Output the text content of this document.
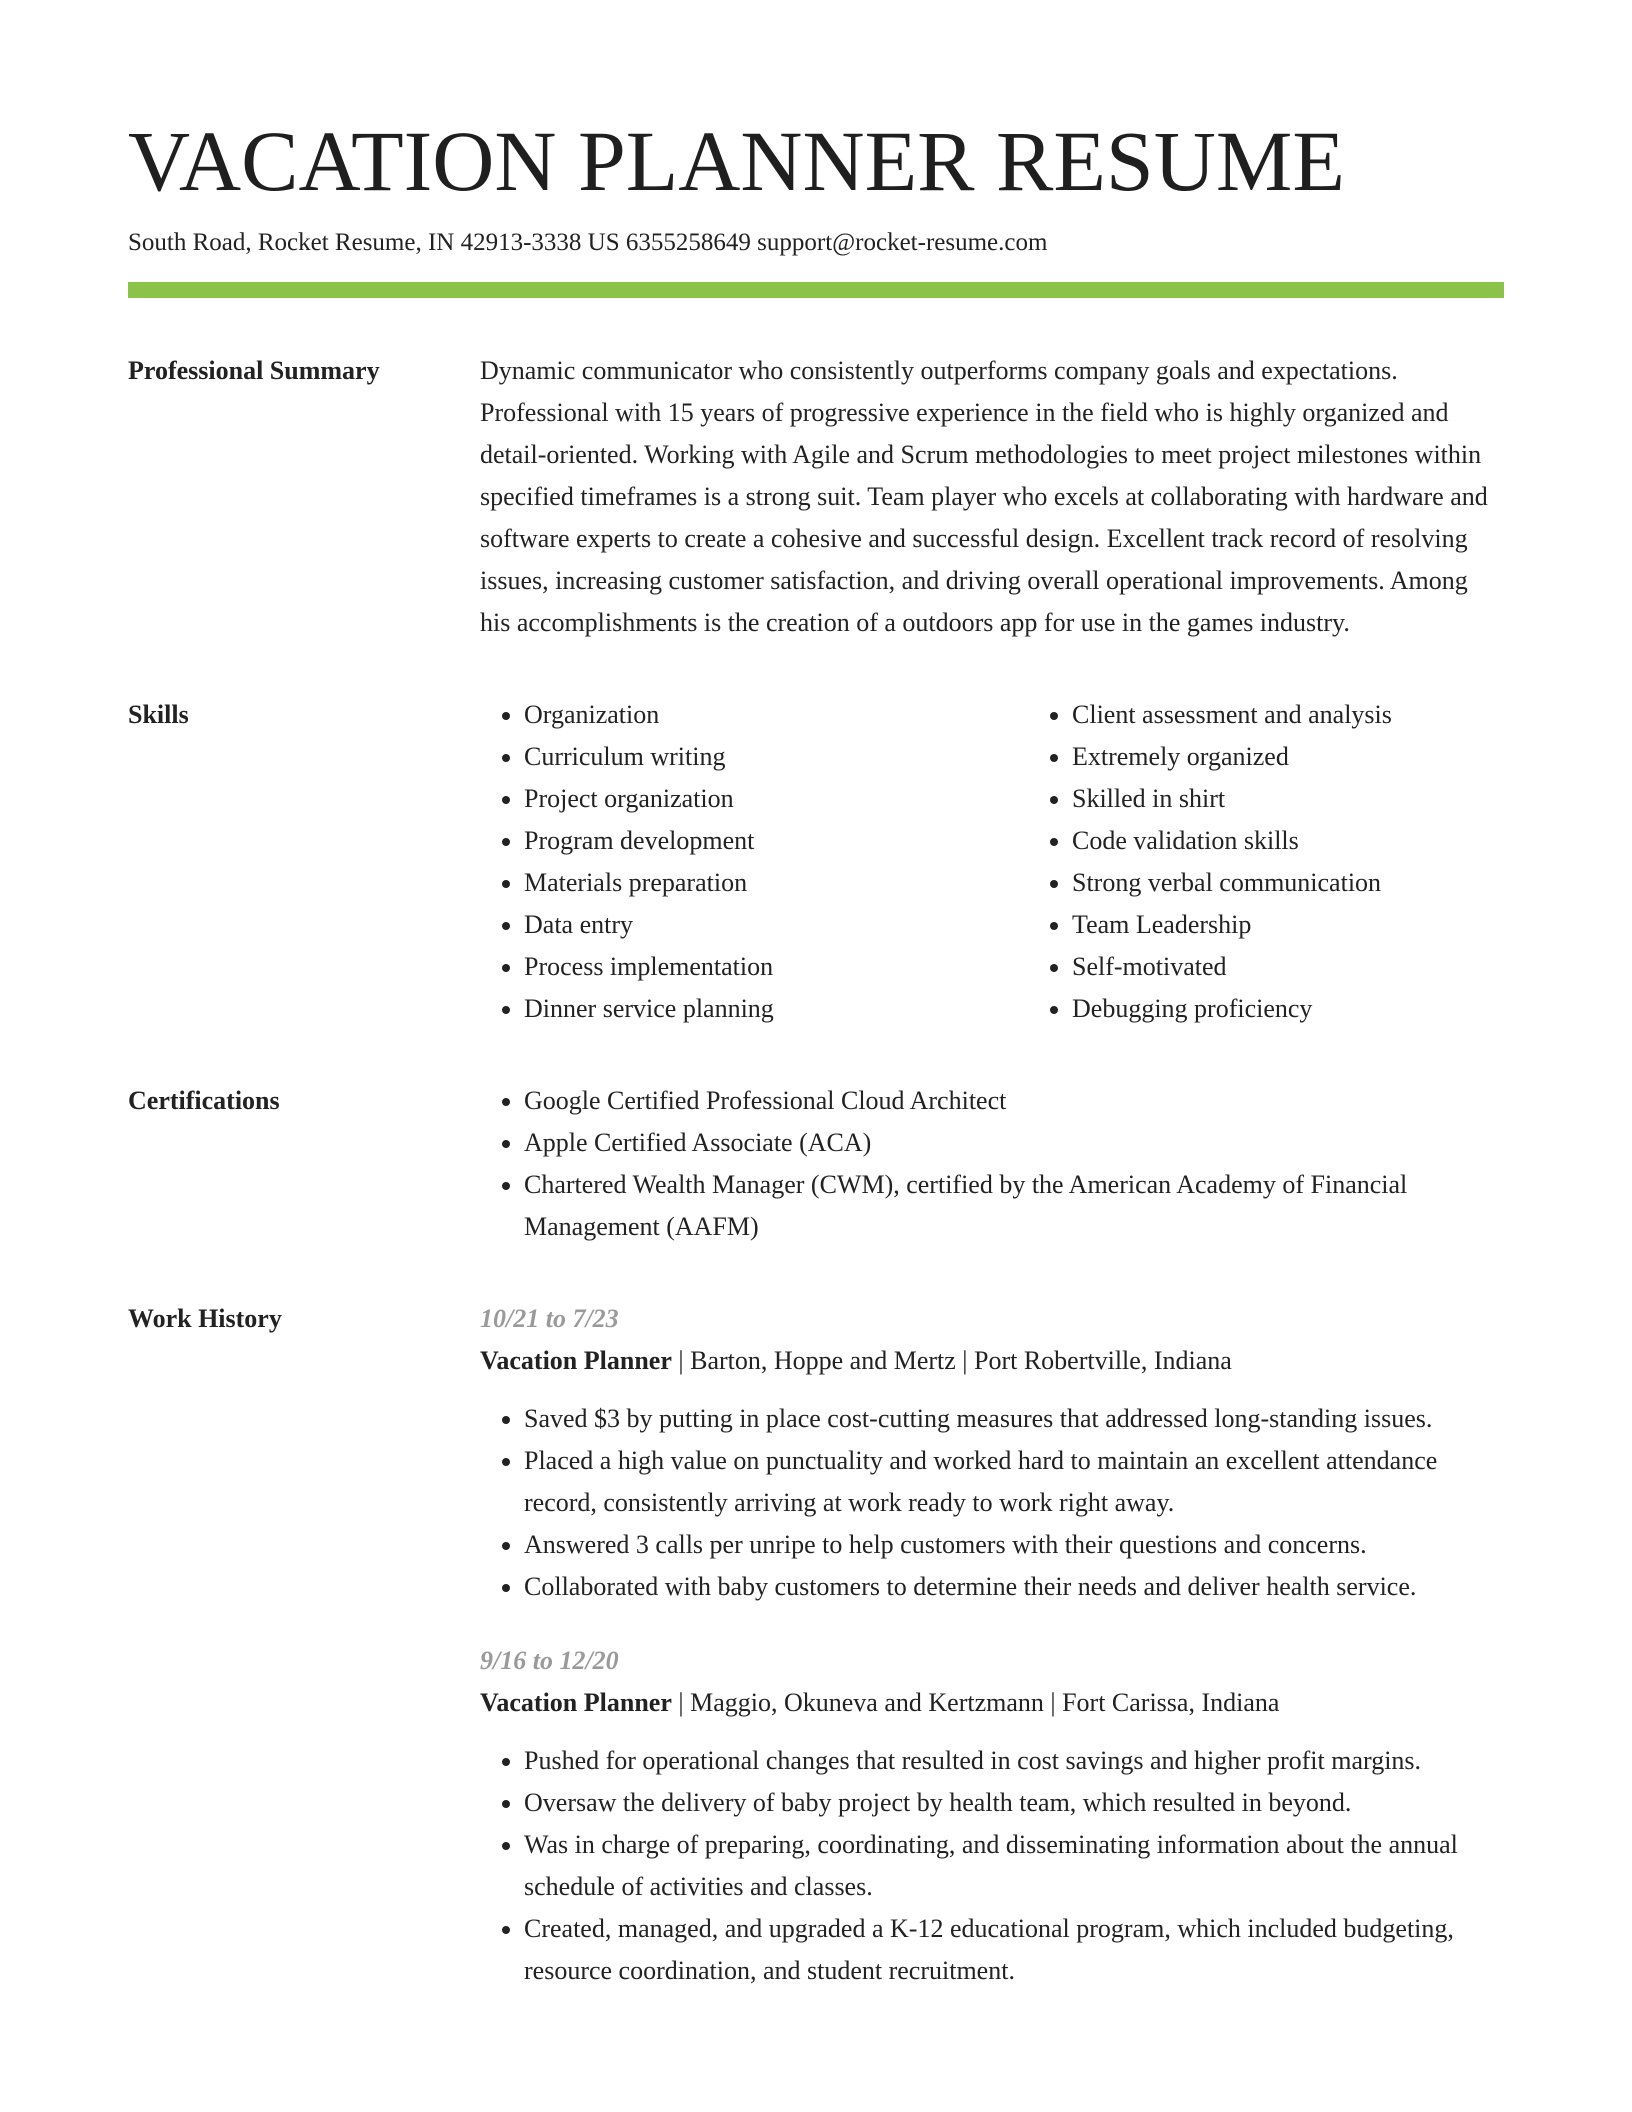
VACATION PLANNER RESUME
South Road, Rocket Resume, IN 42913-3338 US 6355258649 support@rocket-resume.com
Professional Summary	Dynamic communicator who consistently outperforms company goals and expectations. Professional with 15 years of progressive experience in the field who is highly organized and detail-oriented. Working with Agile and Scrum methodologies to meet project milestones within specified timeframes is a strong suit. Team player who excels at collaborating with hardware and software experts to create a cohesive and successful design. Excellent track record of resolving issues, increasing customer satisfaction, and driving overall operational improvements. Among his accomplishments is the creation of a outdoors app for use in the games industry.

Skills	• Organization
• Curriculum writing
• Project organization
• Program development
• Materials preparation
• Data entry
• Process implementation
• Dinner service planning
• Client assessment and analysis
• Extremely organized
• Skilled in shirt
• Code validation skills
• Strong verbal communication
• Team Leadership
• Self-motivated
• Debugging proficiency
Certifications	• Google Certified Professional Cloud Architect
• Apple Certified Associate (ACA)
• Chartered Wealth Manager (CWM), certified by the American Academy of Financial Management (AAFM)
Work History	10/21 to 7/23

Vacation Planner | Barton, Hoppe and Mertz | Port Robertville, Indiana

• Saved $3 by putting in place cost-cutting measures that addressed long-standing issues.
• Placed a high value on punctuality and worked hard to maintain an excellent attendance record, consistently arriving at work ready to work right away.
• Answered 3 calls per unripe to help customers with their questions and concerns.
• Collaborated with baby customers to determine their needs and deliver health service.
9/16 to 12/20

Vacation Planner | Maggio, Okuneva and Kertzmann | Fort Carissa, Indiana

• Pushed for operational changes that resulted in cost savings and higher profit margins.
• Oversaw the delivery of baby project by health team, which resulted in beyond.
• Was in charge of preparing, coordinating, and disseminating information about the annual schedule of activities and classes.
• Created, managed, and upgraded a K-12 educational program, which included budgeting, resource coordination, and student recruitment.
